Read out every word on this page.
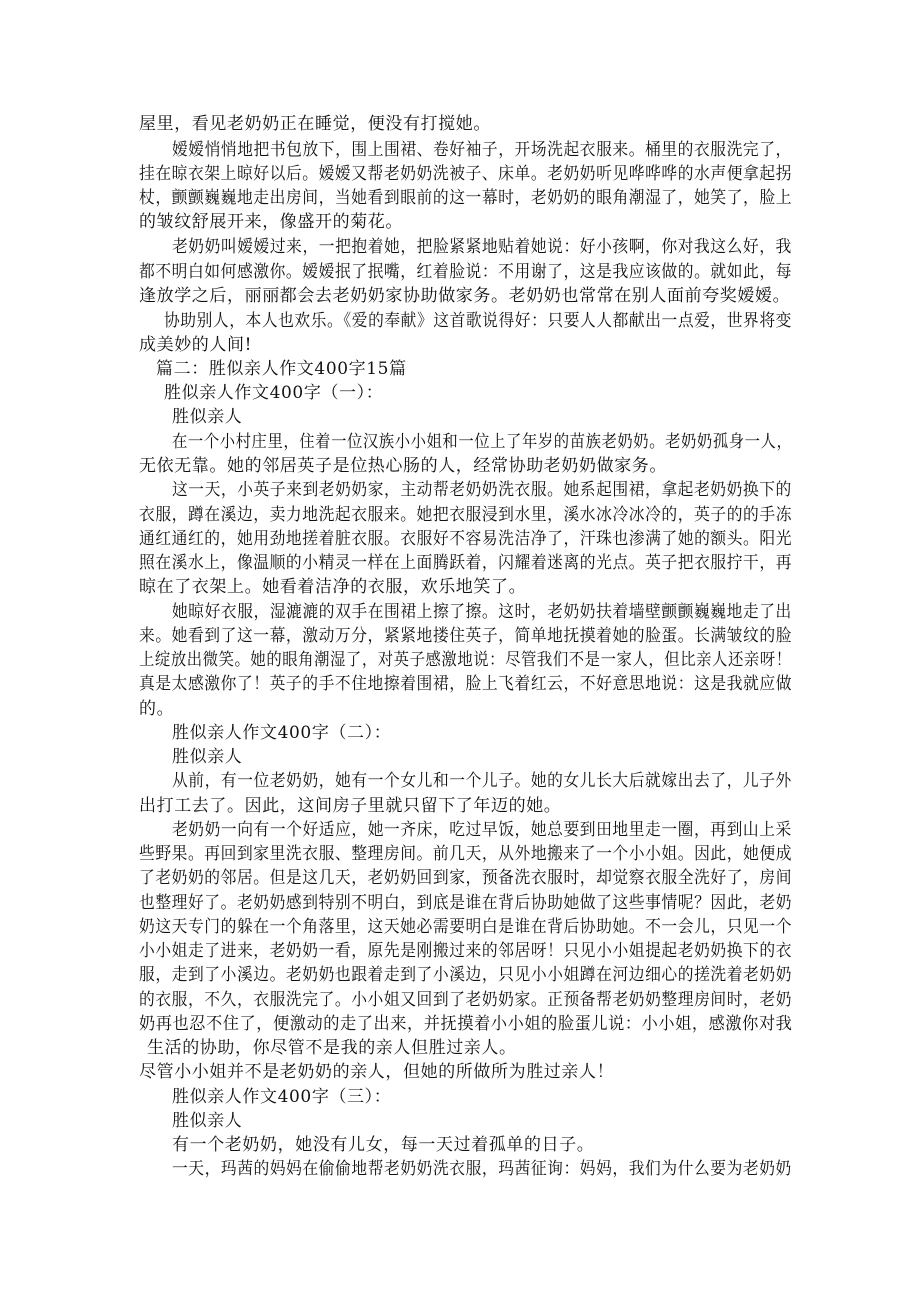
屋里，看见老奶奶正在睡觉，便没有打搅她。
嫒嫒悄悄地把书包放下，围上围裙、卷好袖子，开场洗起衣服来。桶里的衣服洗完了，
挂在晾衣架上晾好以后。嫒嫒又帮老奶奶洗被子、床单。老奶奶听见哗哗哗的水声便拿起拐
杖，颤颤巍巍地走出房间，当她看到眼前的这一幕时，老奶奶的眼角潮湿了，她笑了，脸上
的皱纹舒展开来，像盛开的菊花。
老奶奶叫嫒嫒过来，一把抱着她，把脸紧紧地贴着她说：好小孩啊，你对我这么好，我
都不明白如何感激你。嫒嫒抿了抿嘴，红着脸说：不用谢了，这是我应该做的。就如此，每
逢放学之后，丽丽都会去老奶奶家协助做家务。老奶奶也常常在别人面前夸奖嫒嫒。
协助别人，本人也欢乐。《爱的奉献》这首歌说得好：只要人人都献出一点爱，世界将变
成美妙的人间!
篇二：胜似亲人作文400字15篇
胜似亲人作文400字（一）：
胜似亲人
在一个小村庄里，住着一位汉族小小姐和一位上了年岁的苗族老奶奶。老奶奶孤身一人，
无依无靠。她的邻居英子是位热心肠的人，经常协助老奶奶做家务。
这一天，小英子来到老奶奶家，主动帮老奶奶洗衣服。她系起围裙，拿起老奶奶换下的
衣服，蹲在溪边，卖力地洗起衣服来。她把衣服浸到水里，溪水冰冷冰冷的，英子的的手冻
通红通红的，她用劲地搓着脏衣服。衣服好不容易洗洁净了，汗珠也渗满了她的额头。阳光
照在溪水上，像温顺的小精灵一样在上面腾跃着，闪耀着迷离的光点。英子把衣服拧干，再
晾在了衣架上。她看着洁净的衣服，欢乐地笑了。
她晾好衣服，湿漉漉的双手在围裙上擦了擦。这时，老奶奶扶着墙壁颤颤巍巍地走了出
来。她看到了这一幕，激动万分，紧紧地搂住英子，简单地抚摸着她的脸蛋。长满皱纹的脸
上绽放出微笑。她的眼角潮湿了，对英子感激地说：尽管我们不是一家人，但比亲人还亲呀！
真是太感激你了！英子的手不住地擦着围裙，脸上飞着红云，不好意思地说：这是我就应做
的。
胜似亲人作文400字（二）：
胜似亲人
从前，有一位老奶奶，她有一个女儿和一个儿子。她的女儿长大后就嫁出去了，儿子外
出打工去了。因此，这间房子里就只留下了年迈的她。
老奶奶一向有一个好适应，她一齐床，吃过早饭，她总要到田地里走一圈，再到山上采
些野果。再回到家里洗衣服、整理房间。前几天，从外地搬来了一个小小姐。因此，她便成
了老奶奶的邻居。但是这几天，老奶奶回到家，预备洗衣服时，却觉察衣服全洗好了，房间
也整理好了。老奶奶感到特别不明白，到底是谁在背后协助她做了这些事情呢？因此，老奶
奶这天专门的躲在一个角落里，这天她必需要明白是谁在背后协助她。不一会儿，只见一个
小小姐走了进来，老奶奶一看，原先是刚搬过来的邻居呀！只见小小姐提起老奶奶换下的衣
服，走到了小溪边。老奶奶也跟着走到了小溪边，只见小小姐蹲在河边细心的搓洗着老奶奶
的衣服，不久，衣服洗完了。小小姐又回到了老奶奶家。正预备帮老奶奶整理房间时，老奶
奶再也忍不住了，便激动的走了出来，并抚摸着小小姐的脸蛋儿说：小小姐，感激你对我
生活的协助，你尽管不是我的亲人但胜过亲人。
尽管小小姐并不是老奶奶的亲人，但她的所做所为胜过亲人！
胜似亲人作文400字（三）：
胜似亲人
有一个老奶奶，她没有儿女，每一天过着孤单的日子。
一天，玛茜的妈妈在偷偷地帮老奶奶洗衣服，玛茜征询：妈妈，我们为什么要为老奶奶
